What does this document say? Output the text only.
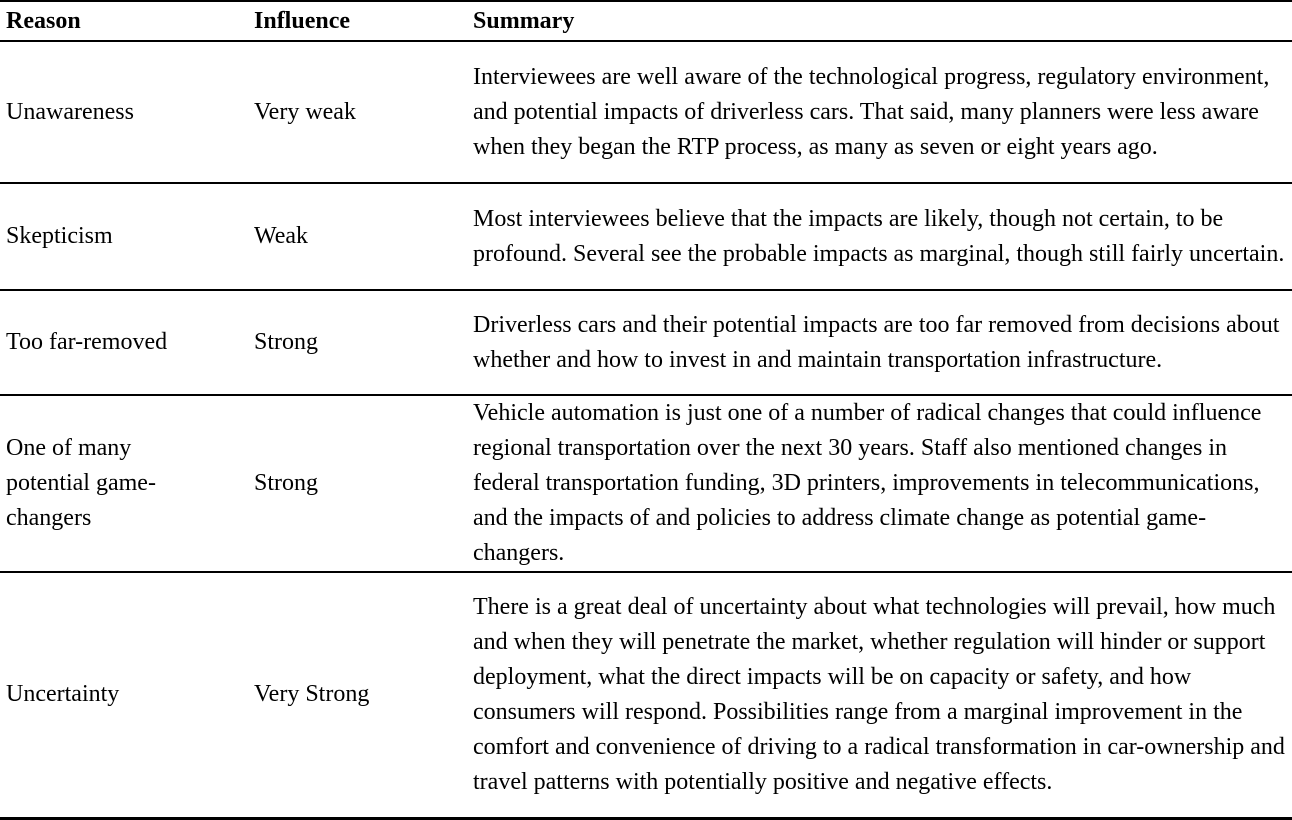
Reason	Influence	Summary
Unawareness	Very weak	Interviewees are well aware of the technological progress, regulatory environment, and potential impacts of driverless cars. That said, many planners were less aware when they began the RTP process, as many as seven or eight years ago.
Skepticism	Weak	Most interviewees believe that the impacts are likely, though not certain, to be profound. Several see the probable impacts as marginal, though still fairly uncertain.
Too far-removed	Strong	Driverless cars and their potential impacts are too far removed from decisions about whether and how to invest in and maintain transportation infrastructure.
One of many potential game-changers	Strong	Vehicle automation is just one of a number of radical changes that could influence regional transportation over the next 30 years. Staff also mentioned changes in federal transportation funding, 3D printers, improvements in telecommunications, and the impacts of and policies to address climate change as potential game-changers.
Uncertainty	Very Strong	There is a great deal of uncertainty about what technologies will prevail, how much and when they will penetrate the market, whether regulation will hinder or support deployment, what the direct impacts will be on capacity or safety, and how consumers will respond. Possibilities range from a marginal improvement in the comfort and convenience of driving to a radical transformation in car-ownership and travel patterns with potentially positive and negative effects.
